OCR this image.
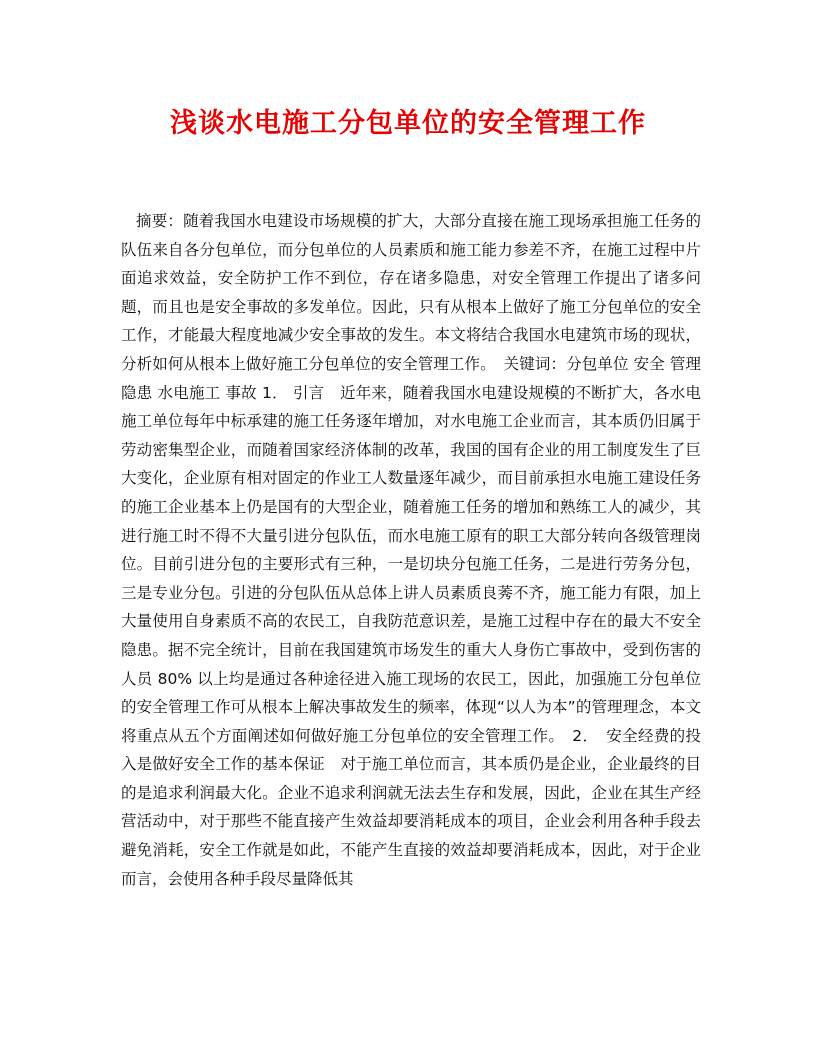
浅谈水电施工分包单位的安全管理工作

摘要：随着我国水电建设市场规模的扩大，大部分直接在施工现场承担施工任务的队伍来自各分包单位，而分包单位的人员素质和施工能力参差不齐，在施工过程中片面追求效益，安全防护工作不到位，存在诸多隐患，对安全管理工作提出了诸多问题，而且也是安全事故的多发单位。因此，只有从根本上做好了施工分包单位的安全工作，才能最大程度地减少安全事故的发生。本文将结合我国水电建筑市场的现状，分析如何从根本上做好施工分包单位的安全管理工作。　关键词：分包单位 安全 管理 隐患 水电施工 事故 1． 引言　近年来，随着我国水电建设规模的不断扩大，各水电施工单位每年中标承建的施工任务逐年增加，对水电施工企业而言，其本质仍旧属于劳动密集型企业，而随着国家经济体制的改革，我国的国有企业的用工制度发生了巨大变化，企业原有相对固定的作业工人数量逐年减少，而目前承担水电施工建设任务的施工企业基本上仍是国有的大型企业，随着施工任务的增加和熟练工人的减少，其进行施工时不得不大量引进分包队伍，而水电施工原有的职工大部分转向各级管理岗位。目前引进分包的主要形式有三种，一是切块分包施工任务，二是进行劳务分包，三是专业分包。引进的分包队伍从总体上讲人员素质良莠不齐，施工能力有限，加上大量使用自身素质不高的农民工，自我防范意识差，是施工过程中存在的最大不安全隐患。据不完全统计，目前在我国建筑市场发生的重大人身伤亡事故中，受到伤害的人员 80% 以上均是通过各种途径进入施工现场的农民工，因此，加强施工分包单位的安全管理工作可从根本上解决事故发生的频率，体现“以人为本”的管理理念，本文将重点从五个方面阐述如何做好施工分包单位的安全管理工作。　2．　安全经费的投入是做好安全工作的基本保证　对于施工单位而言，其本质仍是企业，企业最终的目的是追求利润最大化。企业不追求利润就无法去生存和发展，因此，企业在其生产经营活动中，对于那些不能直接产生效益却要消耗成本的项目，企业会利用各种手段去避免消耗，安全工作就是如此，不能产生直接的效益却要消耗成本，因此，对于企业而言，会使用各种手段尽量降低其
